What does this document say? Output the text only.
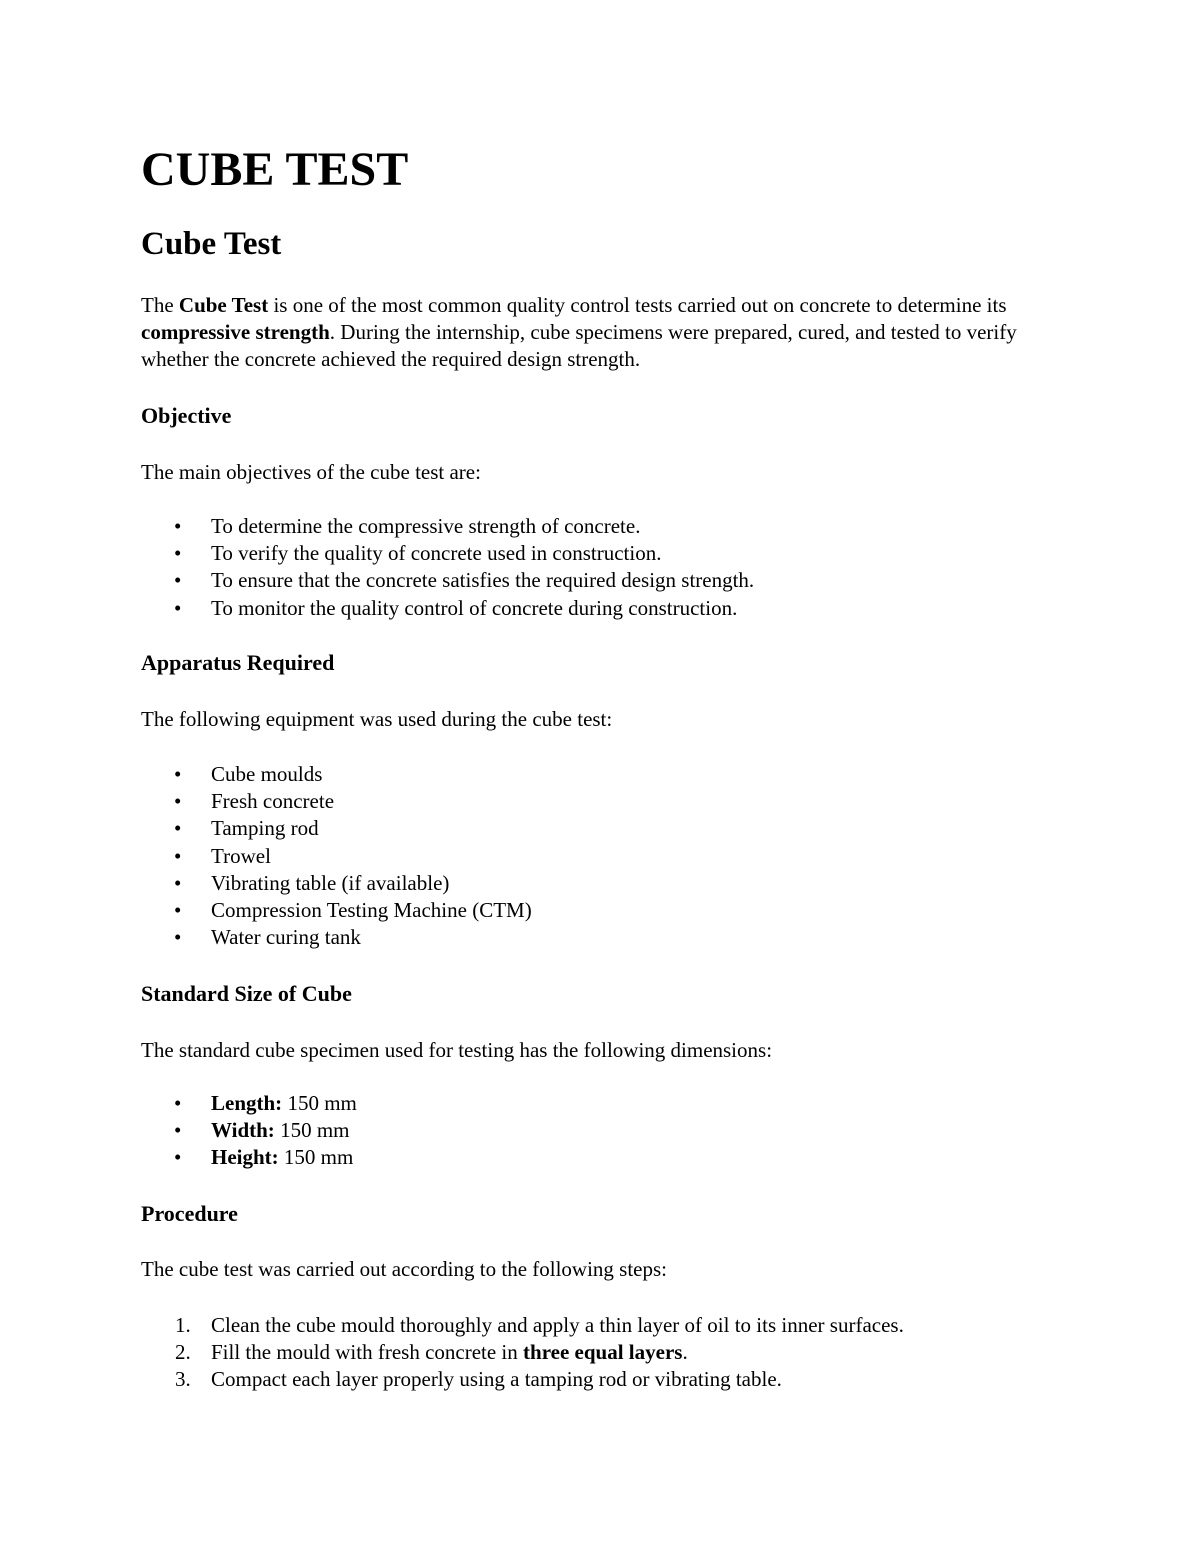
CUBE TEST
Cube Test

The Cube Test is one of the most common quality control tests carried out on concrete to determine its compressive strength. During the internship, cube specimens were prepared, cured, and tested to verify whether the concrete achieved the required design strength.

Objective

The main objectives of the cube test are:

• To determine the compressive strength of concrete.
• To verify the quality of concrete used in construction.
• To ensure that the concrete satisfies the required design strength.
• To monitor the quality control of concrete during construction.
Apparatus Required

The following equipment was used during the cube test:

• Cube moulds
• Fresh concrete
• Tamping rod
• Trowel
• Vibrating table (if available)
• Compression Testing Machine (CTM)
• Water curing tank
Standard Size of Cube

The standard cube specimen used for testing has the following dimensions:

• Length: 150 mm
• Width: 150 mm
• Height: 150 mm
Procedure

The cube test was carried out according to the following steps:

1. Clean the cube mould thoroughly and apply a thin layer of oil to its inner surfaces.
2. Fill the mould with fresh concrete in three equal layers.
3. Compact each layer properly using a tamping rod or vibrating table.
